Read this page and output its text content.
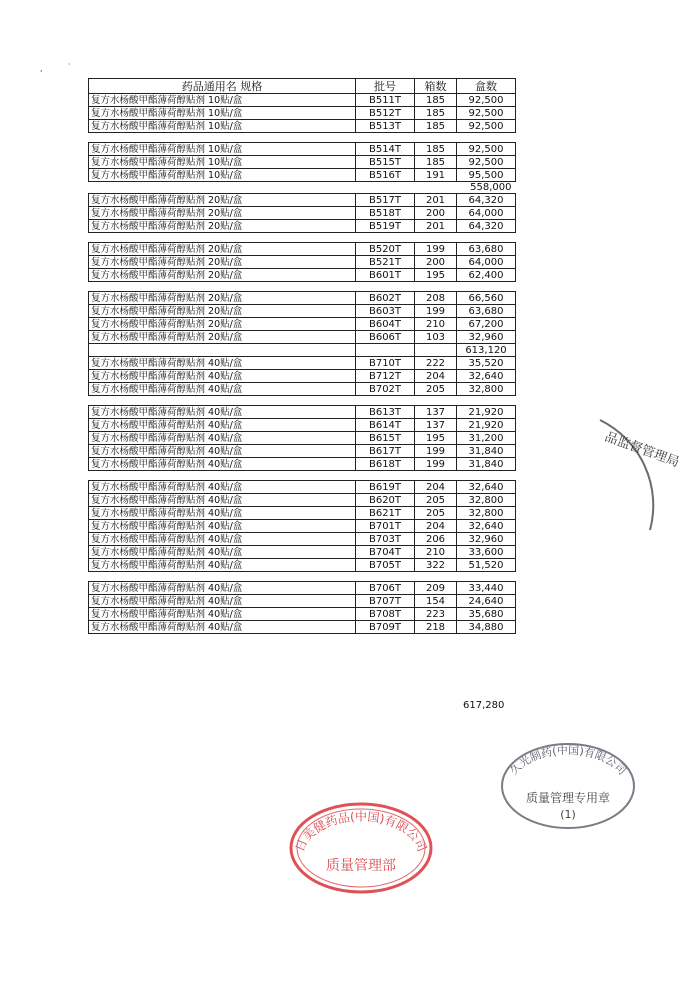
,	·
药品通用名 规格	批号	箱数	盒数
复方水杨酸甲酯薄荷醇贴剂 10贴/盒	B511T	185	92,500
复方水杨酸甲酯薄荷醇贴剂 10贴/盒	B512T	185	92,500
复方水杨酸甲酯薄荷醇贴剂 10贴/盒	B513T	185	92,500

复方水杨酸甲酯薄荷醇贴剂 10贴/盒	B514T	185	92,500
复方水杨酸甲酯薄荷醇贴剂 10贴/盒	B515T	185	92,500
复方水杨酸甲酯薄荷醇贴剂 10贴/盒	B516T	191	95,500
			558,000
复方水杨酸甲酯薄荷醇贴剂 20贴/盒	B517T	201	64,320
复方水杨酸甲酯薄荷醇贴剂 20贴/盒	B518T	200	64,000
复方水杨酸甲酯薄荷醇贴剂 20贴/盒	B519T	201	64,320

复方水杨酸甲酯薄荷醇贴剂 20贴/盒	B520T	199	63,680
复方水杨酸甲酯薄荷醇贴剂 20贴/盒	B521T	200	64,000
复方水杨酸甲酯薄荷醇贴剂 20贴/盒	B601T	195	62,400

复方水杨酸甲酯薄荷醇贴剂 20贴/盒	B602T	208	66,560
复方水杨酸甲酯薄荷醇贴剂 20贴/盒	B603T	199	63,680
复方水杨酸甲酯薄荷醇贴剂 20贴/盒	B604T	210	67,200
复方水杨酸甲酯薄荷醇贴剂 20贴/盒	B606T	103	32,960
			613,120
复方水杨酸甲酯薄荷醇贴剂 40贴/盒	B710T	222	35,520
复方水杨酸甲酯薄荷醇贴剂 40贴/盒	B712T	204	32,640
复方水杨酸甲酯薄荷醇贴剂 40贴/盒	B702T	205	32,800

复方水杨酸甲酯薄荷醇贴剂 40贴/盒	B613T	137	21,920
复方水杨酸甲酯薄荷醇贴剂 40贴/盒	B614T	137	21,920
复方水杨酸甲酯薄荷醇贴剂 40贴/盒	B615T	195	31,200
复方水杨酸甲酯薄荷醇贴剂 40贴/盒	B617T	199	31,840
复方水杨酸甲酯薄荷醇贴剂 40贴/盒	B618T	199	31,840

复方水杨酸甲酯薄荷醇贴剂 40贴/盒	B619T	204	32,640
复方水杨酸甲酯薄荷醇贴剂 40贴/盒	B620T	205	32,800
复方水杨酸甲酯薄荷醇贴剂 40贴/盒	B621T	205	32,800
复方水杨酸甲酯薄荷醇贴剂 40贴/盒	B701T	204	32,640
复方水杨酸甲酯薄荷醇贴剂 40贴/盒	B703T	206	32,960
复方水杨酸甲酯薄荷醇贴剂 40贴/盒	B704T	210	33,600
复方水杨酸甲酯薄荷醇贴剂 40贴/盒	B705T	322	51,520

复方水杨酸甲酯薄荷醇贴剂 40贴/盒	B706T	209	33,440
复方水杨酸甲酯薄荷醇贴剂 40贴/盒	B707T	154	24,640
复方水杨酸甲酯薄荷醇贴剂 40贴/盒	B708T	223	35,680
复方水杨酸甲酯薄荷醇贴剂 40贴/盒	B709T	218	34,880
617,280
品监督管理局
日美健药品(中国)有限公司
质量管理部
久光制药(中国)有限公司
质量管理专用章
(1)
